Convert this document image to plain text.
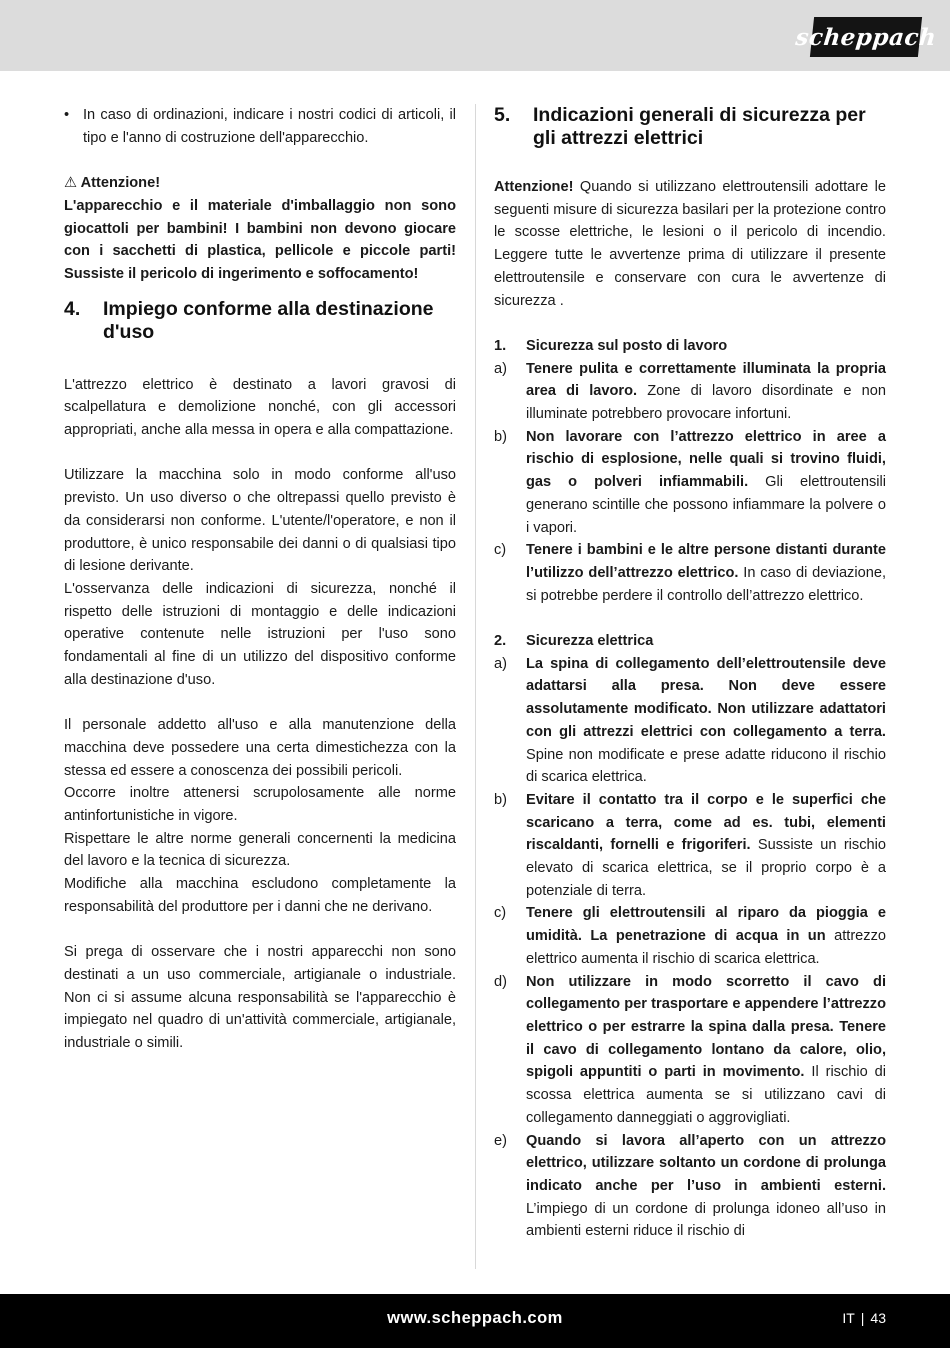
scheppach
• In caso di ordinazioni, indicare i nostri codici di articoli, il tipo e l'anno di costruzione dell'apparecchio.
⚠ Attenzione!

L'apparecchio e il materiale d'imballaggio non sono giocattoli per bambini! I bambini non devono giocare con i sacchetti di plastica, pellicole e piccole parti! Sussiste il pericolo di ingerimento e soffocamento!

4.	Impiego conforme alla destinazione d'uso

L'attrezzo elettrico è destinato a lavori gravosi di scalpellatura e demolizione nonché, con gli accessori appropriati, anche alla messa in opera e alla compattazione.

Utilizzare la macchina solo in modo conforme all'uso previsto. Un uso diverso o che oltrepassi quello previsto è da considerarsi non conforme. L'utente/l'operatore, e non il produttore, è unico responsabile dei danni o di qualsiasi tipo di lesione derivante.

L'osservanza delle indicazioni di sicurezza, nonché il rispetto delle istruzioni di montaggio e delle indicazioni operative contenute nelle istruzioni per l'uso sono fondamentali al fine di un utilizzo del dispositivo conforme alla destinazione d'uso.

Il personale addetto all'uso e alla manutenzione della macchina deve possedere una certa dimestichezza con la stessa ed essere a conoscenza dei possibili pericoli.

Occorre inoltre attenersi scrupolosamente alle norme antinfortunistiche in vigore.

Rispettare le altre norme generali concernenti la medicina del lavoro e la tecnica di sicurezza.

Modifiche alla macchina escludono completamente la responsabilità del produttore per i danni che ne derivano.

Si prega di osservare che i nostri apparecchi non sono destinati a un uso commerciale, artigianale o industriale. Non ci si assume alcuna responsabilità se l'apparecchio è impiegato nel quadro di un'attività commerciale, artigianale, industriale o simili.

5.	Indicazioni generali di sicurezza per gli attrezzi elettrici

Attenzione! Quando si utilizzano elettroutensili adottare le seguenti misure di sicurezza basilari per la protezione contro le scosse elettriche, le lesioni o il pericolo di incendio. Leggere tutte le avvertenze prima di utilizzare il presente elettroutensile e conservare con cura le avvertenze di sicurezza .

1.	Sicurezza sul posto di lavoro
a)	Tenere pulita e correttamente illuminata la propria area di lavoro. Zone di lavoro disordinate e non illuminate potrebbero provocare infortuni.
b)	Non lavorare con l’attrezzo elettrico in aree a rischio di esplosione, nelle quali si trovino fluidi, gas o polveri infiammabili. Gli elettroutensili generano scintille che possono infiammare la polvere o i vapori.
c)	Tenere i bambini e le altre persone distanti durante l’utilizzo dell’attrezzo elettrico. In caso di deviazione, si potrebbe perdere il controllo dell’attrezzo elettrico.
2.	Sicurezza elettrica
a)	La spina di collegamento dell’elettroutensile deve adattarsi alla presa. Non deve essere assolutamente modificato. Non utilizzare adattatori con gli attrezzi elettrici con collegamento a terra. Spine non modificate e prese adatte riducono il rischio di scarica elettrica.
b)	Evitare il contatto tra il corpo e le superfici che scaricano a terra, come ad es. tubi, elementi riscaldanti, fornelli e frigoriferi. Sussiste un rischio elevato di scarica elettrica, se il proprio corpo è a potenziale di terra.
c)	Tenere gli elettroutensili al riparo da pioggia e umidità. La penetrazione di acqua in un attrezzo elettrico aumenta il rischio di scarica elettrica.
d)	Non utilizzare in modo scorretto il cavo di collegamento per trasportare e appendere l’attrezzo elettrico o per estrarre la spina dalla presa. Tenere il cavo di collegamento lontano da calore, olio, spigoli appuntiti o parti in movimento. Il rischio di scossa elettrica aumenta se si utilizzano cavi di collegamento danneggiati o aggrovigliati.
e)	Quando si lavora all’aperto con un attrezzo elettrico, utilizzare soltanto un cordone di prolunga indicato anche per l’uso in ambienti esterni. L’impiego di un cordone di prolunga idoneo all’uso in ambienti esterni riduce il rischio di
www.scheppach.com	IT | 43
